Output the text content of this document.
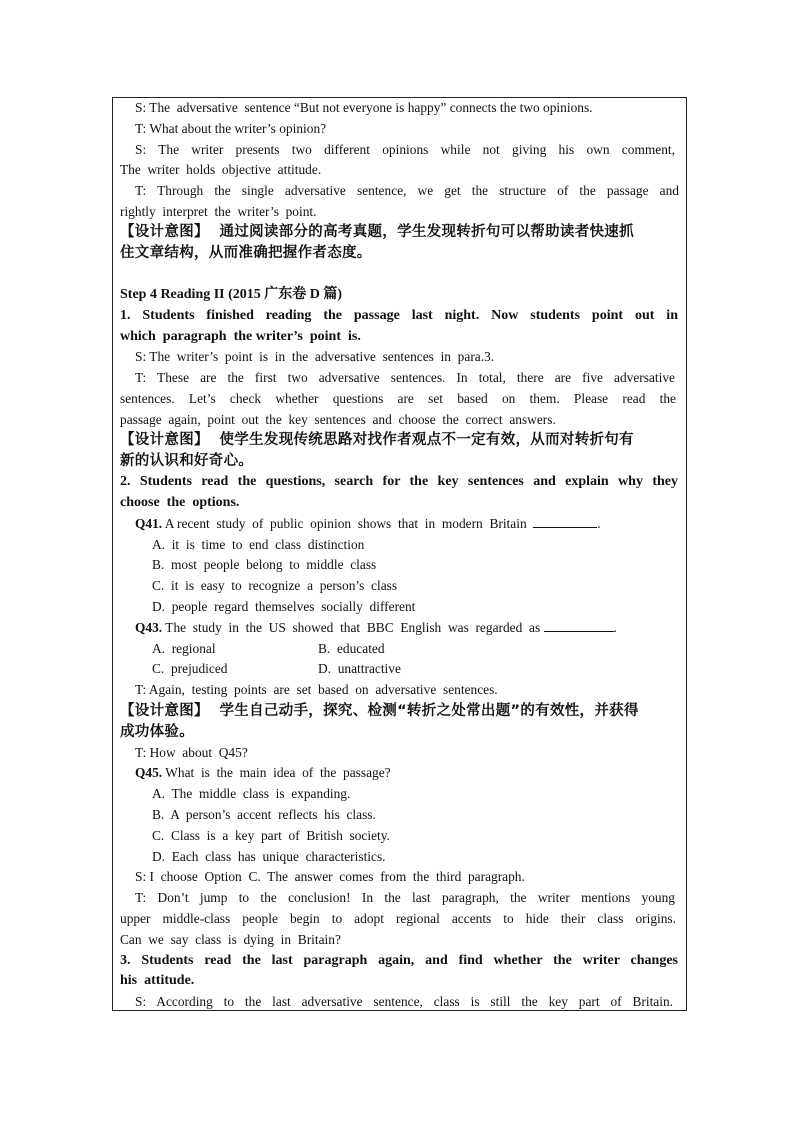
S: The  adversative  sentence “But not everyone is happy” connects the two opinions.
T: What about the writer’s opinion?
S: The writer presents two different opinions while not giving his own comment,
The  writer  holds  objective  attitude.
T: Through the single adversative sentence, we get the structure of the passage and
rightly  interpret  the  writer’s  point.
【设计意图】  通过阅读部分的高考真题，学生发现转折句可以帮助读者快速抓
住文章结构，从而准确把握作者态度。
Step 4 Reading II (2015 广东卷 D 篇)
1. Students finished reading the passage last night. Now students point out in
which  paragraph  the writer’s  point  is.
S: The  writer’s  point  is  in  the  adversative  sentences  in  para.3.
T: These are the first two adversative sentences. In total, there are five adversative
sentences. Let’s check whether questions are set based on them. Please read the
passage  again,  point  out  the  key  sentences  and  choose  the  correct  answers.
【设计意图】  使学生发现传统思路对找作者观点不一定有效，从而对转折句有
新的认识和好奇心。
2. Students read the questions, search for the key sentences and explain why they
choose  the  options.
Q41. A recent  study  of  public  opinion  shows  that  in  modern  Britain	.
A.  it  is  time  to  end  class  distinction
B.  most  people  belong  to  middle  class
C.  it  is  easy  to  recognize  a  person’s  class
D.  people  regard  themselves  socially  different
Q43. The  study  in  the  US  showed  that  BBC  English  was  regarded  as	.
A.  regional	B.  educated
C.  prejudiced	D.  unattractive
T: Again,  testing  points  are  set  based  on  adversative  sentences.
【设计意图】  学生自己动手，探究、检测“转折之处常出题”的有效性，并获得
成功体验。
T: How  about  Q45?
Q45. What  is  the  main  idea  of  the  passage?
A.  The  middle  class  is  expanding.
B.  A  person’s  accent  reflects  his  class.
C.  Class  is  a  key  part  of  British  society.
D.  Each  class  has  unique  characteristics.
S: I  choose  Option  C.  The  answer  comes  from  the  third  paragraph.
T: Don’t jump to the conclusion! In the last paragraph, the writer mentions young
upper middle-class people begin to adopt regional accents to hide their class origins.
Can  we  say  class  is  dying  in  Britain?
3. Students read the last paragraph again, and find whether the writer changes
his  attitude.
S: According to the last adversative sentence, class is still the key part of Britain.
